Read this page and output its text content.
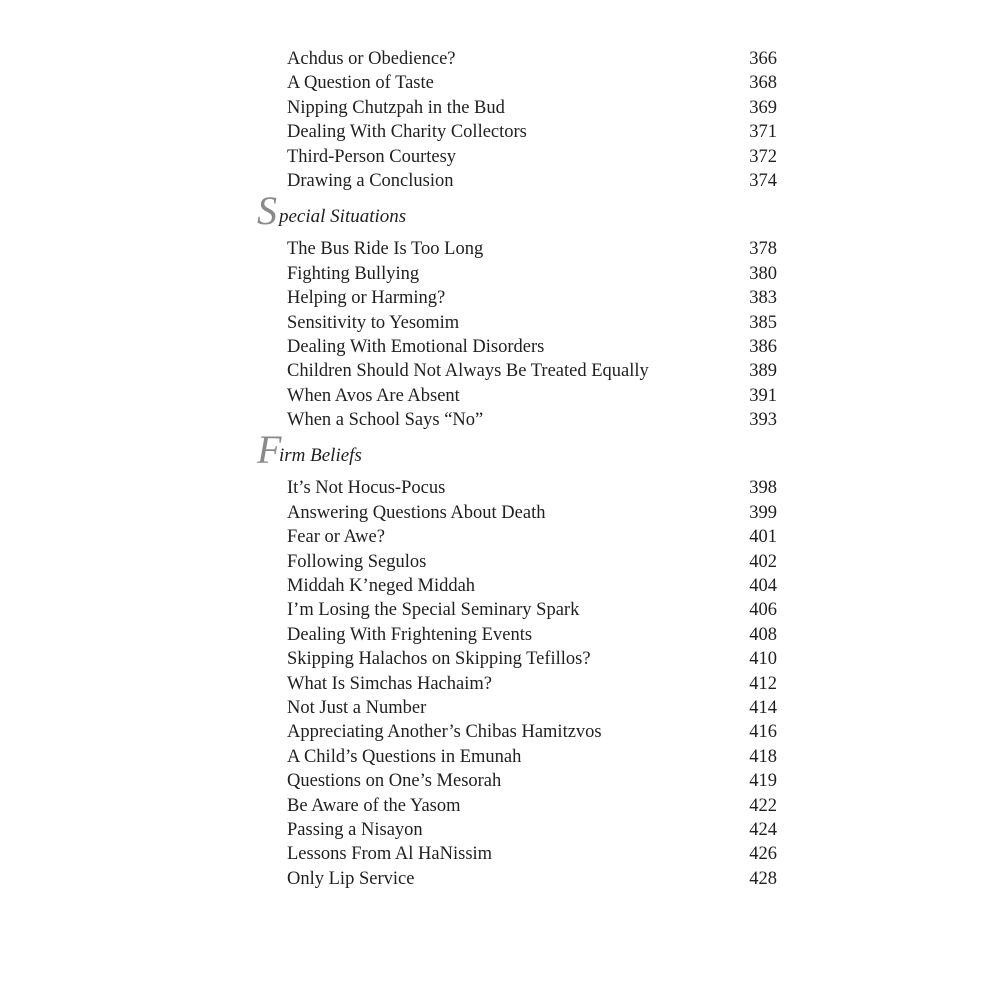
Achdus or Obedience?	366
A Question of Taste	368
Nipping Chutzpah in the Bud	369
Dealing With Charity Collectors	371
Third-Person Courtesy	372
Drawing a Conclusion	374
S pecial Situations
The Bus Ride Is Too Long	378
Fighting Bullying	380
Helping or Harming?	383
Sensitivity to Yesomim	385
Dealing With Emotional Disorders	386
Children Should Not Always Be Treated Equally	389
When Avos Are Absent	391
When a School Says “No”	393
F
irm Beliefs
It’s Not Hocus-Pocus	398
Answering Questions About Death	399
Fear or Awe?	401
Following Segulos	402
Middah K’neged Middah	404
I’m Losing the Special Seminary Spark	406
Dealing With Frightening Events	408
Skipping Halachos on Skipping Tefillos?	410
What Is Simchas Hachaim?	412
Not Just a Number	414
Appreciating Another’s Chibas Hamitzvos	416
A Child’s Questions in Emunah	418
Questions on One’s Mesorah	419
Be Aware of the Yasom	422
Passing a Nisayon	424
Lessons From Al HaNissim	426
Only Lip Service	428
